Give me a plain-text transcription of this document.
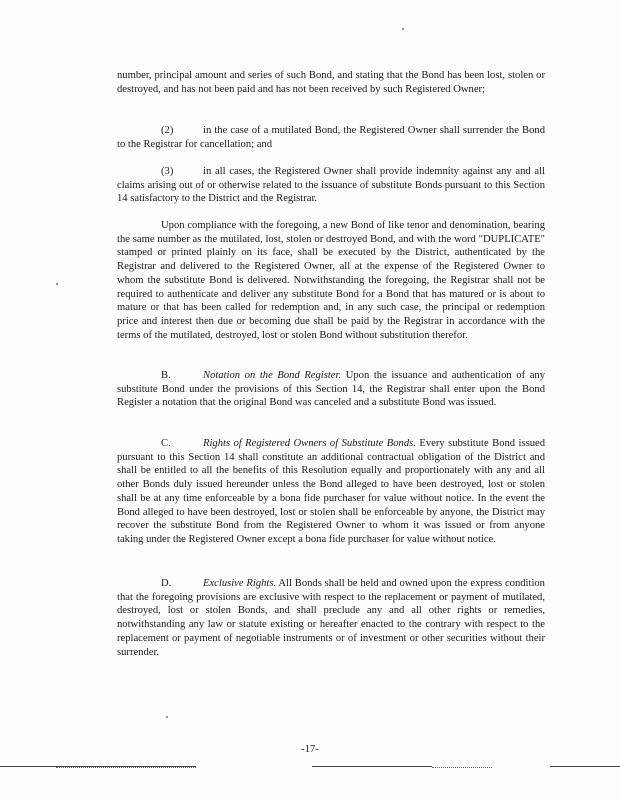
number, principal amount and series of such Bond, and stating that the Bond has been lost, stolen or destroyed, and has not been paid and has not been received by such Registered Owner;
(2)	in the case of a mutilated Bond, the Registered Owner shall surrender the Bond to the Registrar for cancellation; and
(3)	in all cases, the Registered Owner shall provide indemnity against any and all claims arising out of or otherwise related to the issuance of substitute Bonds pursuant to this Section 14 satisfactory to the District and the Registrar.
Upon compliance with the foregoing, a new Bond of like tenor and denomination, bearing the same number as the mutilated, lost, stolen or destroyed Bond, and with the word "DUPLICATE" stamped or printed plainly on its face, shall be executed by the District, authenticated by the Registrar and delivered to the Registered Owner, all at the expense of the Registered Owner to whom the substitute Bond is delivered. Notwithstanding the foregoing, the Registrar shall not be required to authenticate and deliver any substitute Bond for a Bond that has matured or is about to mature or that has been called for redemption and, in any such case, the principal or redemption price and interest then due or becoming due shall be paid by the Registrar in accordance with the terms of the mutilated, destroyed, lost or stolen Bond without substitution therefor.
B.	Notation on the Bond Register. Upon the issuance and authentication of any substitute Bond under the provisions of this Section 14, the Registrar shall enter upon the Bond Register a notation that the original Bond was canceled and a substitute Bond was issued.
C.	Rights of Registered Owners of Substitute Bonds. Every substitute Bond issued pursuant to this Section 14 shall constitute an additional contractual obligation of the District and shall be entitled to all the benefits of this Resolution equally and proportionately with any and all other Bonds duly issued hereunder unless the Bond alleged to have been destroyed, lost or stolen shall be at any time enforceable by a bona fide purchaser for value without notice. In the event the Bond alleged to have been destroyed, lost or stolen shall be enforceable by anyone, the District may recover the substitute Bond from the Registered Owner to whom it was issued or from anyone taking under the Registered Owner except a bona fide purchaser for value without notice.
D.	Exclusive Rights. All Bonds shall be held and owned upon the express condition that the foregoing provisions are exclusive with respect to the replacement or payment of mutilated, destroyed, lost or stolen Bonds, and shall preclude any and all other rights or remedies, notwithstanding any law or statute existing or hereafter enacted to the contrary with respect to the replacement or payment of negotiable instruments or of investment or other securities without their surrender.
-17-
